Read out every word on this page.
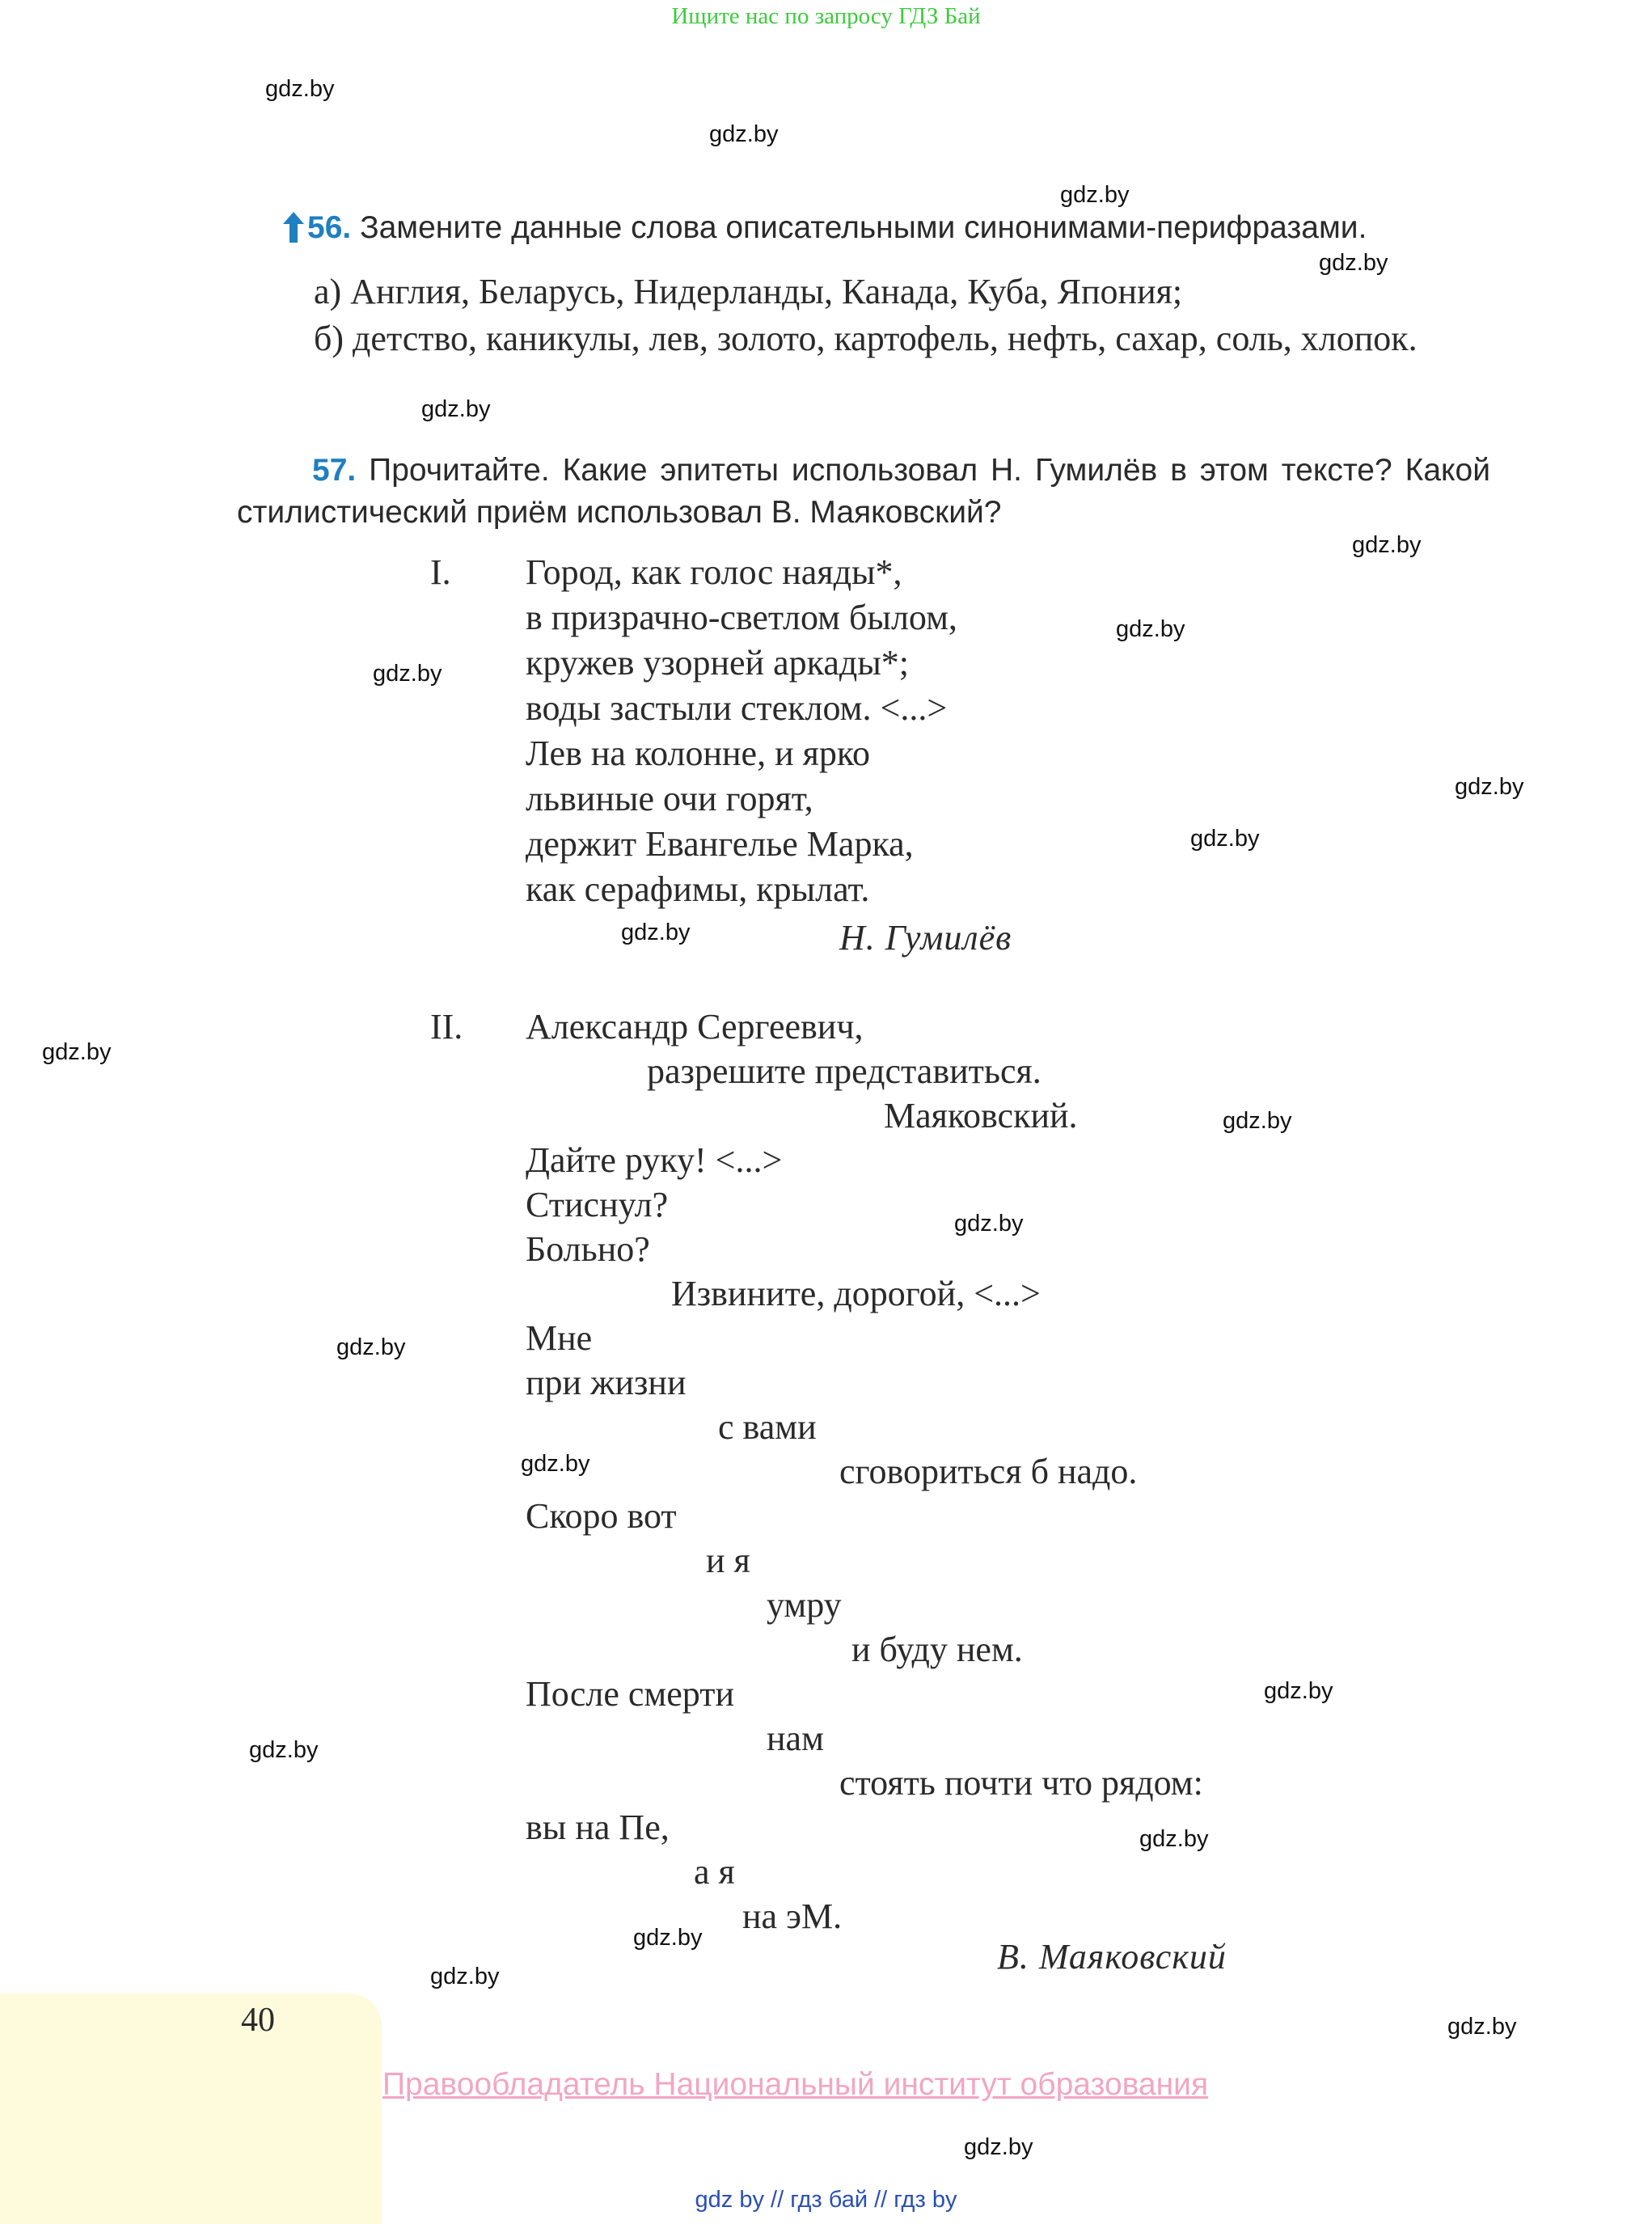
Ищите нас по запросу ГДЗ Бай
gdz.by
gdz.by
gdz.by
gdz.by
gdz.by
gdz.by
gdz.by
gdz.by
gdz.by
gdz.by
gdz.by
gdz.by
gdz.by
gdz.by
gdz.by
gdz.by
gdz.by
gdz.by
gdz.by
gdz.by
gdz.by
gdz.by
gdz.by
56. Замените данные слова описательными синонимами-перифразами.
а) Англия, Беларусь, Нидерланды, Канада, Куба, Япония;
б) детство, каникулы, лев, золото, картофель, нефть, сахар, соль, хлопок.
57. Прочитайте. Какие эпитеты использовал Н. Гумилёв в этом тексте? Какой стилистический приём использовал В. Маяковский?
I. Город, как голос наяды*,
в призрачно-светлом былом,
кружев узорней аркады*;
воды застыли стеклом. <...>
Лев на колонне, и ярко
львиные очи горят,
держит Евангелье Марка,
как серафимы, крылат.
Н. Гумилёв
II. Александр Сергеевич,
разрешите представиться.
Маяковский.
Дайте руку! <...>
Стиснул?
Больно?
Извините, дорогой, <...>
Мне
при жизни
с вами
сговориться б надо.
Скоро вот
и я
умру
и буду нем.
После смерти
нам
стоять почти что рядом:
вы на Пе,
а я
на эМ.
В. Маяковский
40
Правообладатель Национальный институт образования
gdz by // гдз бай // гдз by
